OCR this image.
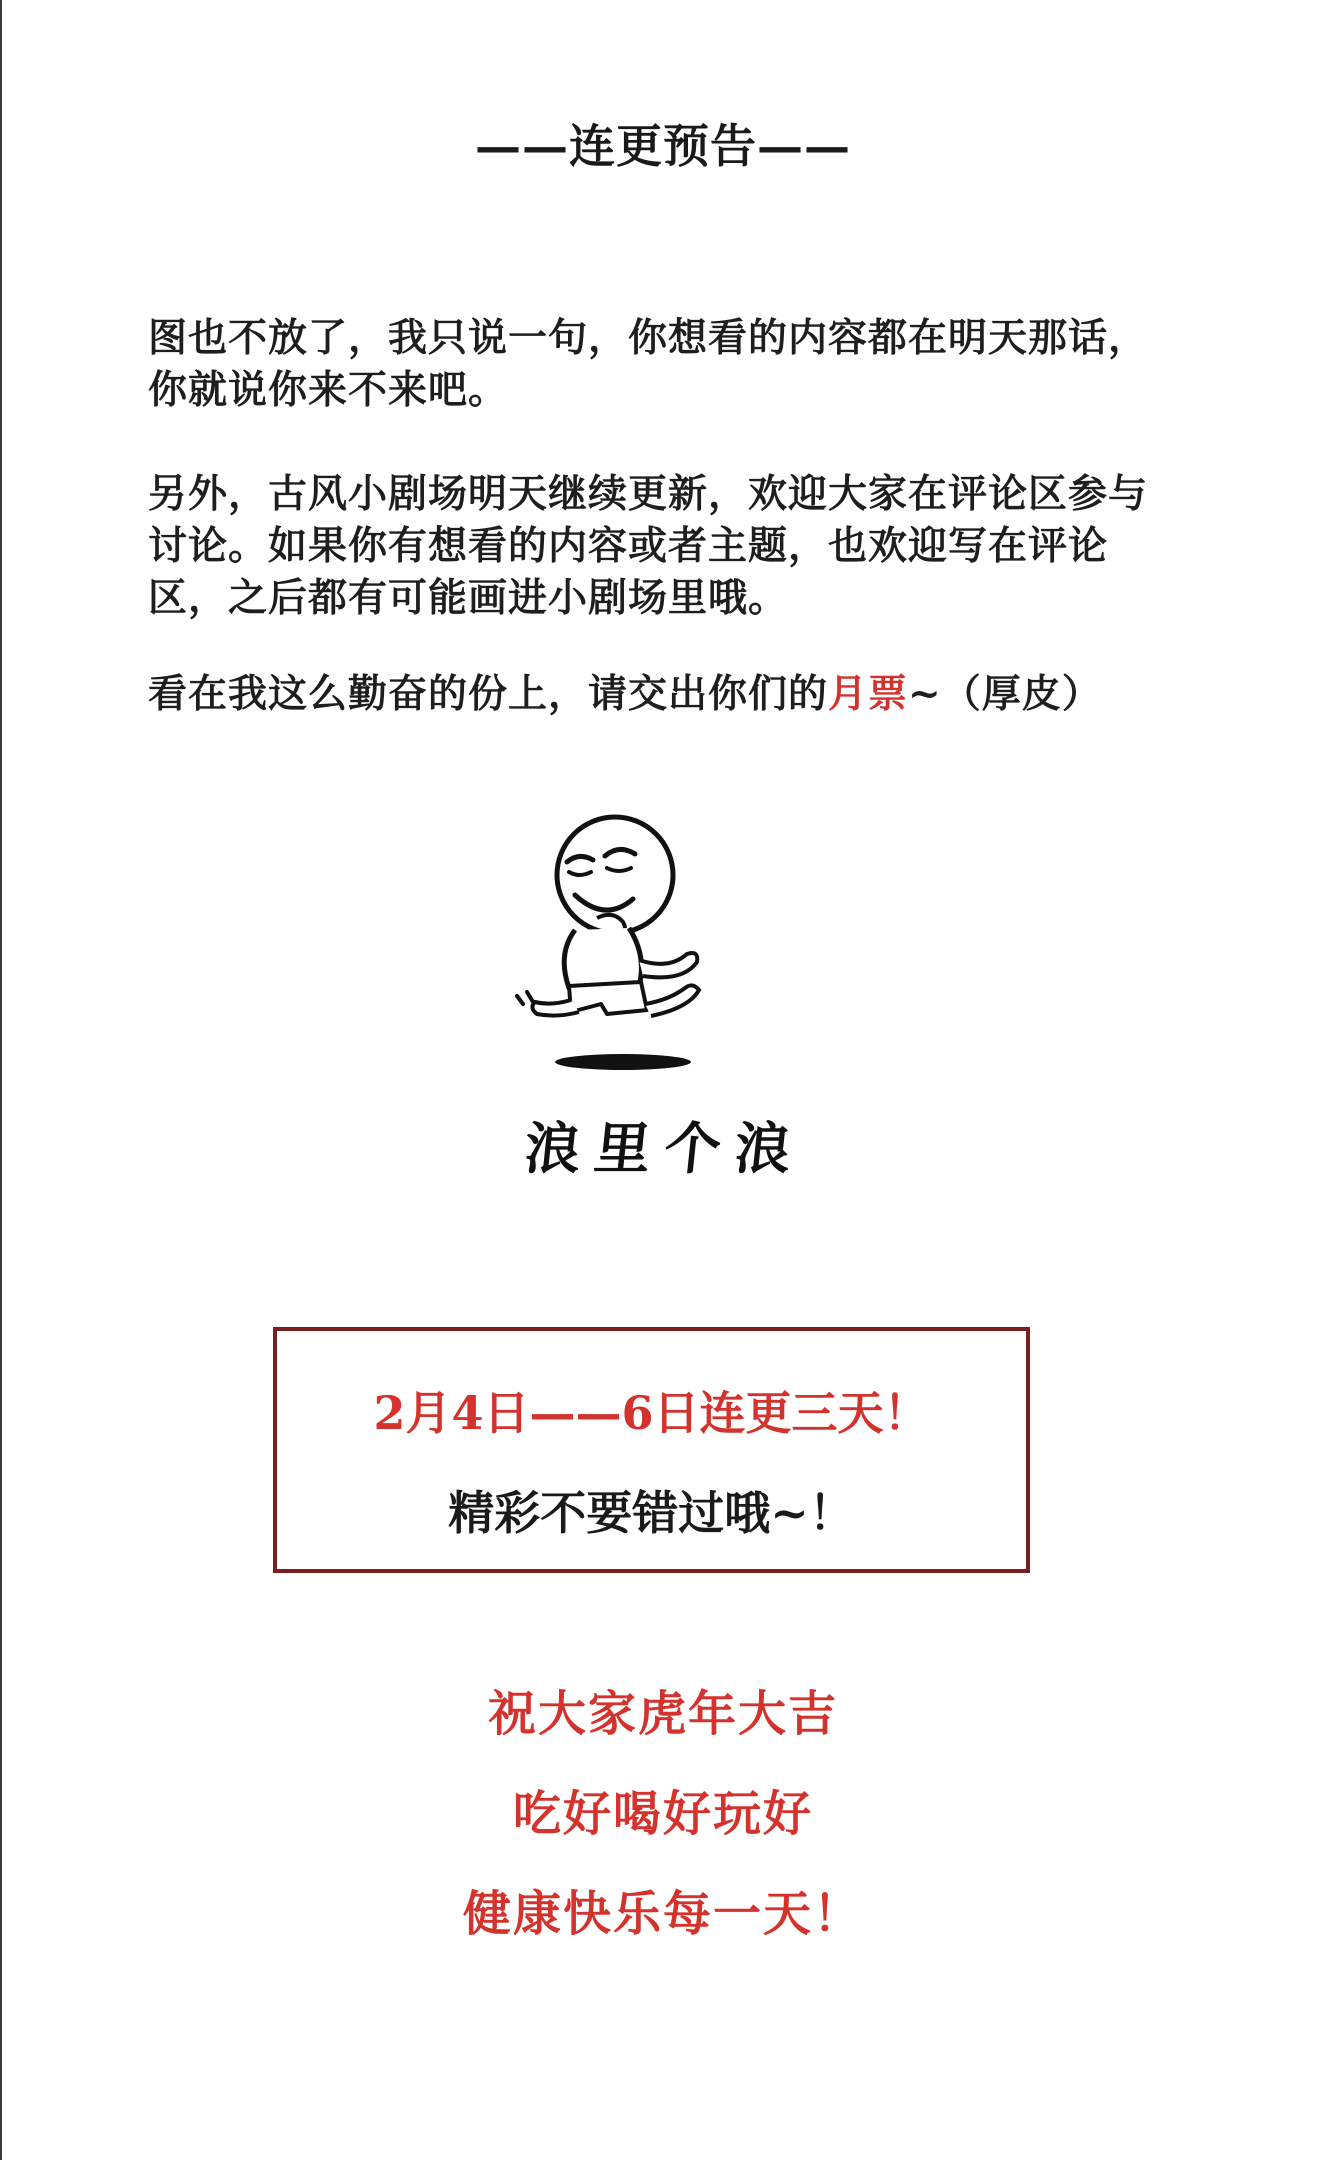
——连更预告——
图也不放了，我只说一句，你想看的内容都在明天那话，你就说你来不来吧。
另外，古风小剧场明天继续更新，欢迎大家在评论区参与讨论。如果你有想看的内容或者主题，也欢迎写在评论区，之后都有可能画进小剧场里哦。
看在我这么勤奋的份上，请交出你们的月票~（厚皮）
浪里个浪
2月4日——6日连更三天！
精彩不要错过哦~！
祝大家虎年大吉
吃好喝好玩好
健康快乐每一天！
